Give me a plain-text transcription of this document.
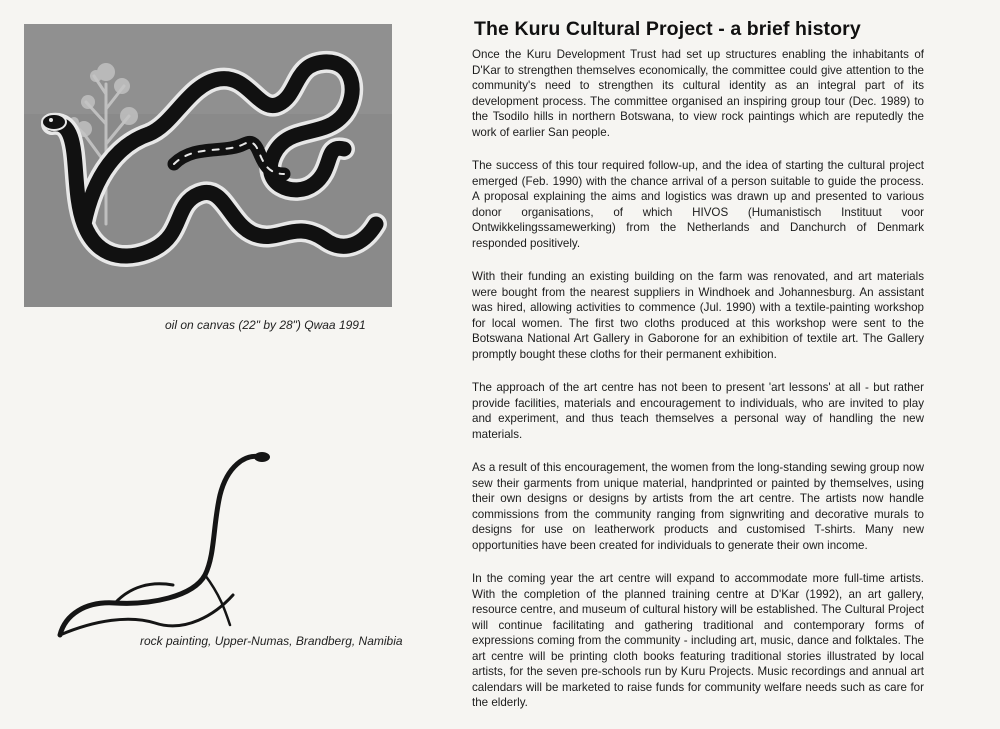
oil on canvas (22" by 28") Qwaa 1991
rock painting, Upper-Numas, Brandberg, Namibia
The Kuru Cultural Project - a brief history

Once the Kuru Development Trust had set up structures enabling the inhabitants of D'Kar to strengthen themselves economically, the committee could give attention to the community's need to strengthen its cultural identity as an integral part of its development process. The committee organised an inspiring group tour (Dec. 1989) to the Tsodilo hills in northern Botswana, to view rock paintings which are reputedly the work of earlier San people.

The success of this tour required follow-up, and the idea of starting the cultural project emerged (Feb. 1990) with the chance arrival of a person suitable to guide the process. A proposal explaining the aims and logistics was drawn up and presented to various donor organisations, of which HIVOS (Humanistisch Instituut voor Ontwikkelingssamewerking) from the Netherlands and Danchurch of Denmark responded positively.

With their funding an existing building on the farm was renovated, and art materials were bought from the nearest suppliers in Windhoek and Johannesburg. An assistant was hired, allowing activities to commence (Jul. 1990) with a textile-painting workshop for local women. The first two cloths produced at this workshop were sent to the Botswana National Art Gallery in Gaborone for an exhibition of textile art. The Gallery promptly bought these cloths for their permanent exhibition.

The approach of the art centre has not been to present 'art lessons' at all - but rather provide facilities, materials and encouragement to individuals, who are invited to play and experiment, and thus teach themselves a personal way of handling the new materials.

As a result of this encouragement, the women from the long-standing sewing group now sew their garments from unique material, handprinted or painted by themselves, using their own designs or designs by artists from the art centre. The artists now handle commissions from the community ranging from signwriting and decorative murals to designs for use on leatherwork products and customised T-shirts. Many new opportunities have been created for individuals to generate their own income.

In the coming year the art centre will expand to accommodate more full-time artists. With the completion of the planned training centre at D'Kar (1992), an art gallery, resource centre, and museum of cultural history will be established. The Cultural Project will continue facilitating and gathering traditional and contemporary forms of expressions coming from the community - including art, music, dance and folktales. The art centre will be printing cloth books featuring traditional stories illustrated by local artists, for the seven pre-schools run by Kuru Projects. Music recordings and annual art calendars will be marketed to raise funds for community welfare needs such as care for the elderly.
